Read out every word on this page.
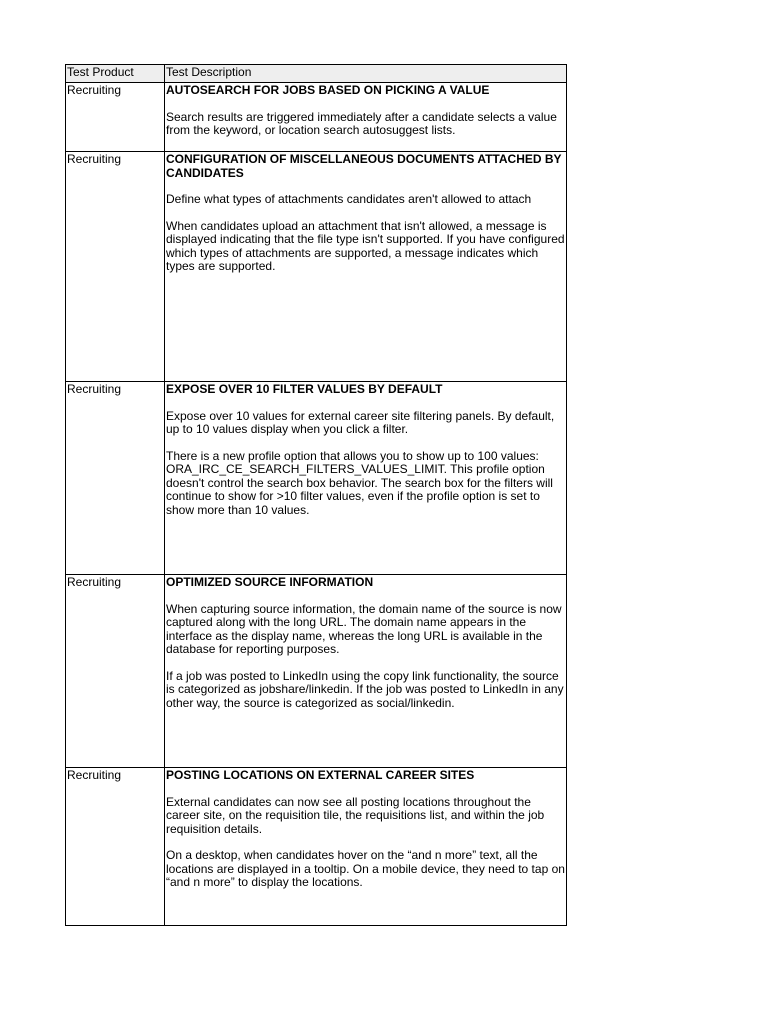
Test Product	Test Description
Recruiting	AUTOSEARCH FOR JOBS BASED ON PICKING A VALUE
Search results are triggered immediately after a candidate selects a value from the keyword, or location search autosuggest lists.

Recruiting	CONFIGURATION OF MISCELLANEOUS DOCUMENTS ATTACHED BY CANDIDATES
Define what types of attachments candidates aren't allowed to attach
When candidates upload an attachment that isn't allowed, a message is displayed indicating that the file type isn't supported. If you have configured which types of attachments are supported, a message indicates which types are supported.

Recruiting	EXPOSE OVER 10 FILTER VALUES BY DEFAULT
Expose over 10 values for external career site filtering panels. By default, up to 10 values display when you click a filter.
There is a new profile option that allows you to show up to 100 values: ORA_IRC_CE_SEARCH_FILTERS_VALUES_LIMIT. This profile option doesn't control the search box behavior. The search box for the filters will continue to show for >10 filter values, even if the profile option is set to show more than 10 values.

Recruiting	OPTIMIZED SOURCE INFORMATION
When capturing source information, the domain name of the source is now captured along with the long URL. The domain name appears in the interface as the display name, whereas the long URL is available in the database for reporting purposes.
If a job was posted to LinkedIn using the copy link functionality, the source is categorized as jobshare/linkedin. If the job was posted to LinkedIn in any other way, the source is categorized as social/linkedin.

Recruiting	POSTING LOCATIONS ON EXTERNAL CAREER SITES
External candidates can now see all posting locations throughout the career site, on the requisition tile, the requisitions list, and within the job requisition details.
On a desktop, when candidates hover on the “and n more” text, all the locations are displayed in a tooltip. On a mobile device, they need to tap on “and n more” to display the locations.
